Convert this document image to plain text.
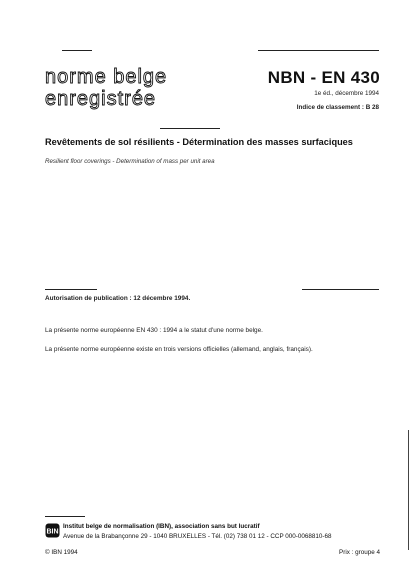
norme belge
enregistrée
NBN - EN 430
1e éd., décembre 1994
Indice de classement : B 28
Revêtements de sol résilients - Détermination des masses surfaciques
Resilient floor coverings - Determination of mass per unit area
Autorisation de publication : 12 décembre 1994.
La présente norme européenne EN 430 : 1994 a le statut d'une norme belge.
La présente norme européenne existe en trois versions officielles (allemand, anglais, français).
BIN
Institut belge de normalisation (IBN), association sans but lucratif
Avenue de la Brabançonne 29 - 1040 BRUXELLES - Tél. (02) 738 01 12 - CCP 000-0068810-68
© IBN 1994	Prix : groupe 4
